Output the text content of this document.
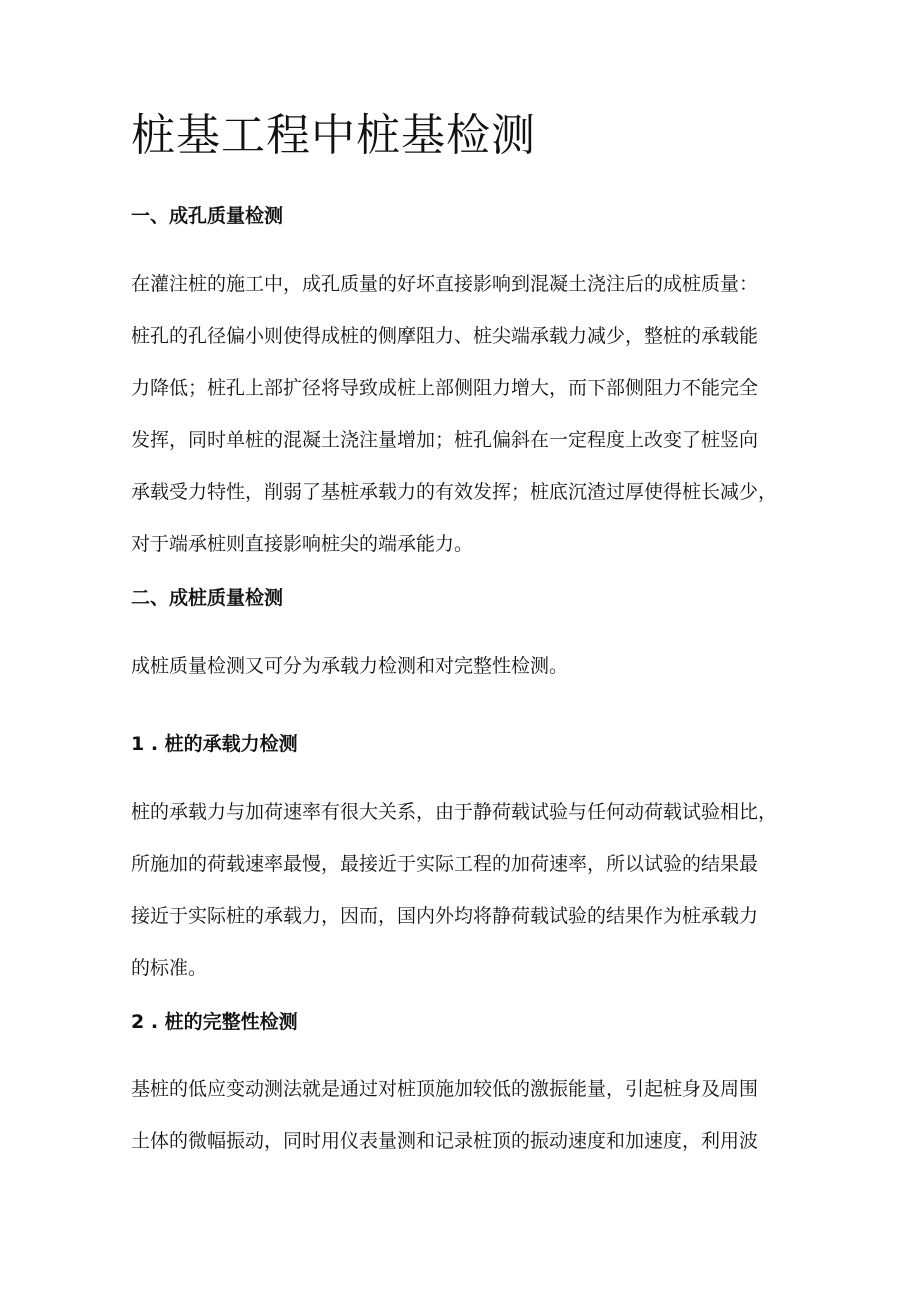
桩基工程中桩基检测
一、成孔质量检测
在灌注桩的施工中，成孔质量的好坏直接影响到混凝土浇注后的成桩质量：
桩孔的孔径偏小则使得成桩的侧摩阻力、桩尖端承载力减少，整桩的承载能
力降低；桩孔上部扩径将导致成桩上部侧阻力增大，而下部侧阻力不能完全
发挥，同时单桩的混凝土浇注量增加；桩孔偏斜在一定程度上改变了桩竖向
承载受力特性，削弱了基桩承载力的有效发挥；桩底沉渣过厚使得桩长减少，
对于端承桩则直接影响桩尖的端承能力。
二、成桩质量检测
成桩质量检测又可分为承载力检测和对完整性检测。
1 . 桩的承载力检测
桩的承载力与加荷速率有很大关系，由于静荷载试验与任何动荷载试验相比，
所施加的荷载速率最慢，最接近于实际工程的加荷速率，所以试验的结果最
接近于实际桩的承载力，因而，国内外均将静荷载试验的结果作为桩承载力
的标准。
2 . 桩的完整性检测
基桩的低应变动测法就是通过对桩顶施加较低的激振能量，引起桩身及周围
土体的微幅振动，同时用仪表量测和记录桩顶的振动速度和加速度，利用波
